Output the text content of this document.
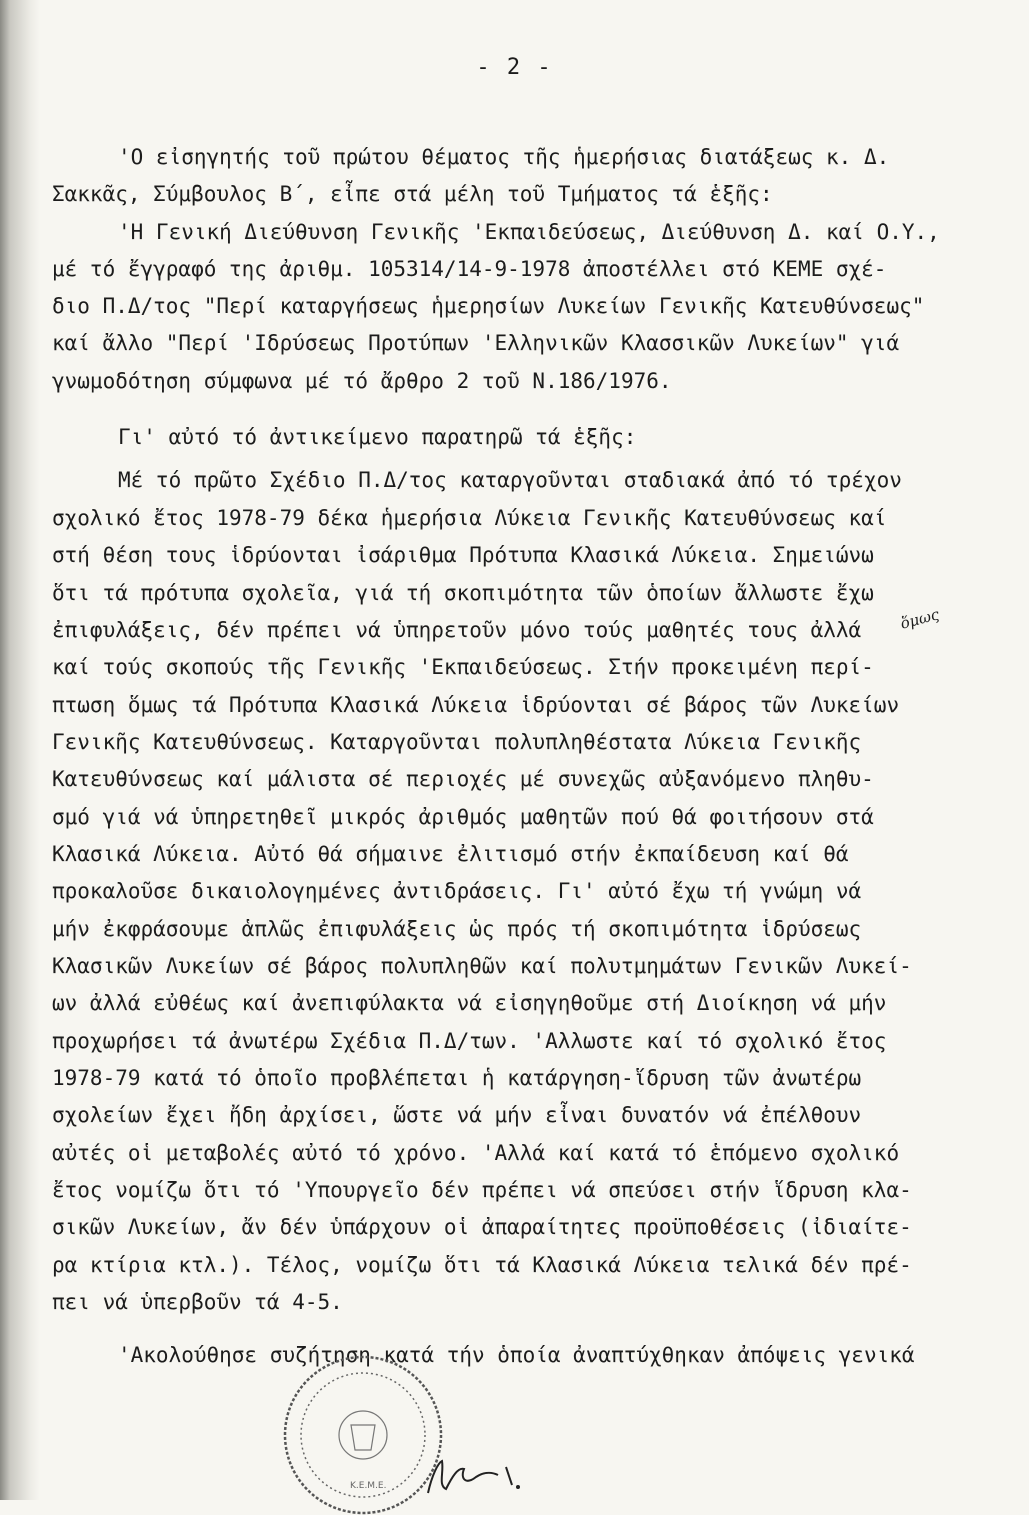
- 2 -
'Ο εἰσηγητής τοῦ πρώτου θέματος τῆς ἡμερήσιας διατάξεως κ. Δ.
Σακκᾶς, Σύμβουλος Β΄, εἶπε στά μέλη τοῦ Τμήματος τά ἑξῆς:
'Η Γενική Διεύθυνση Γενικῆς 'Εκπαιδεύσεως, Διεύθυνση Δ. καί Ο.Υ.,
μέ τό ἔγγραφό της ἀριθμ. 105314/14-9-1978 ἀποστέλλει στό ΚΕΜΕ σχέ-
διο Π.Δ/τος "Περί καταργήσεως ἡμερησίων Λυκείων Γενικῆς Κατευθύνσεως"
καί ἄλλο "Περί 'Ιδρύσεως Προτύπων 'Ελληνικῶν Κλασσικῶν Λυκείων" γιά
γνωμοδότηση σύμφωνα μέ τό ἄρθρο 2 τοῦ Ν.186/1976.
Γι' αὐτό τό ἀντικείμενο παρατηρῶ τά ἑξῆς:
Μέ τό πρῶτο Σχέδιο Π.Δ/τος καταργοῦνται σταδιακά ἀπό τό τρέχον
σχολικό ἔτος 1978-79 δέκα ἡμερήσια Λύκεια Γενικῆς Κατευθύνσεως καί
στή θέση τους ἱδρύονται ἰσάριθμα Πρότυπα Κλασικά Λύκεια. Σημειώνω
ὅτι τά πρότυπα σχολεῖα, γιά τή σκοπιμότητα τῶν ὁποίων ἄλλωστε ἔχω
ἐπιφυλάξεις, δέν πρέπει νά ὑπηρετοῦν μόνο τούς μαθητές τους ἀλλά
καί τούς σκοπούς τῆς Γενικῆς 'Εκπαιδεύσεως. Στήν προκειμένη περί-
πτωση ὅμως τά Πρότυπα Κλασικά Λύκεια ἱδρύονται σέ βάρος τῶν Λυκείων
Γενικῆς Κατευθύνσεως. Καταργοῦνται πολυπληθέστατα Λύκεια Γενικῆς
Κατευθύνσεως καί μάλιστα σέ περιοχές μέ συνεχῶς αὐξανόμενο πληθυ-
σμό γιά νά ὑπηρετηθεῖ μικρός ἀριθμός μαθητῶν πού θά φοιτήσουν στά
Κλασικά Λύκεια. Αὐτό θά σήμαινε ἐλιτισμό στήν ἐκπαίδευση καί θά
προκαλοῦσε δικαιολογημένες ἀντιδράσεις. Γι' αὐτό ἔχω τή γνώμη νά
μήν ἐκφράσουμε ἁπλῶς ἐπιφυλάξεις ὡς πρός τή σκοπιμότητα ἱδρύσεως
Κλασικῶν Λυκείων σέ βάρος πολυπληθῶν καί πολυτμημάτων Γενικῶν Λυκεί-
ων ἀλλά εὐθέως καί ἀνεπιφύλακτα νά εἰσηγηθοῦμε στή Διοίκηση νά μήν
προχωρήσει τά ἀνωτέρω Σχέδια Π.Δ/των. 'Αλλωστε καί τό σχολικό ἔτος
1978-79 κατά τό ὁποῖο προβλέπεται ἡ κατάργηση-ἵδρυση τῶν ἀνωτέρω
σχολείων ἔχει ἤδη ἀρχίσει, ὥστε νά μήν εἶναι δυνατόν νά ἐπέλθουν
αὐτές οἱ μεταβολές αὐτό τό χρόνο. 'Αλλά καί κατά τό ἑπόμενο σχολικό
ἔτος νομίζω ὅτι τό 'Υπουργεῖο δέν πρέπει νά σπεύσει στήν ἵδρυση κλα-
σικῶν Λυκείων, ἄν δέν ὑπάρχουν οἱ ἀπαραίτητες προϋποθέσεις (ἰδιαίτε-
ρα κτίρια κτλ.). Τέλος, νομίζω ὅτι τά Κλασικά Λύκεια τελικά δέν πρέ-
πει νά ὑπερβοῦν τά 4-5.
'Ακολούθησε συζήτηση κατά τήν ὁποία ἀναπτύχθηκαν ἀπόψεις γενικά
ὅμως
Κ.Ε.Μ.Ε.
